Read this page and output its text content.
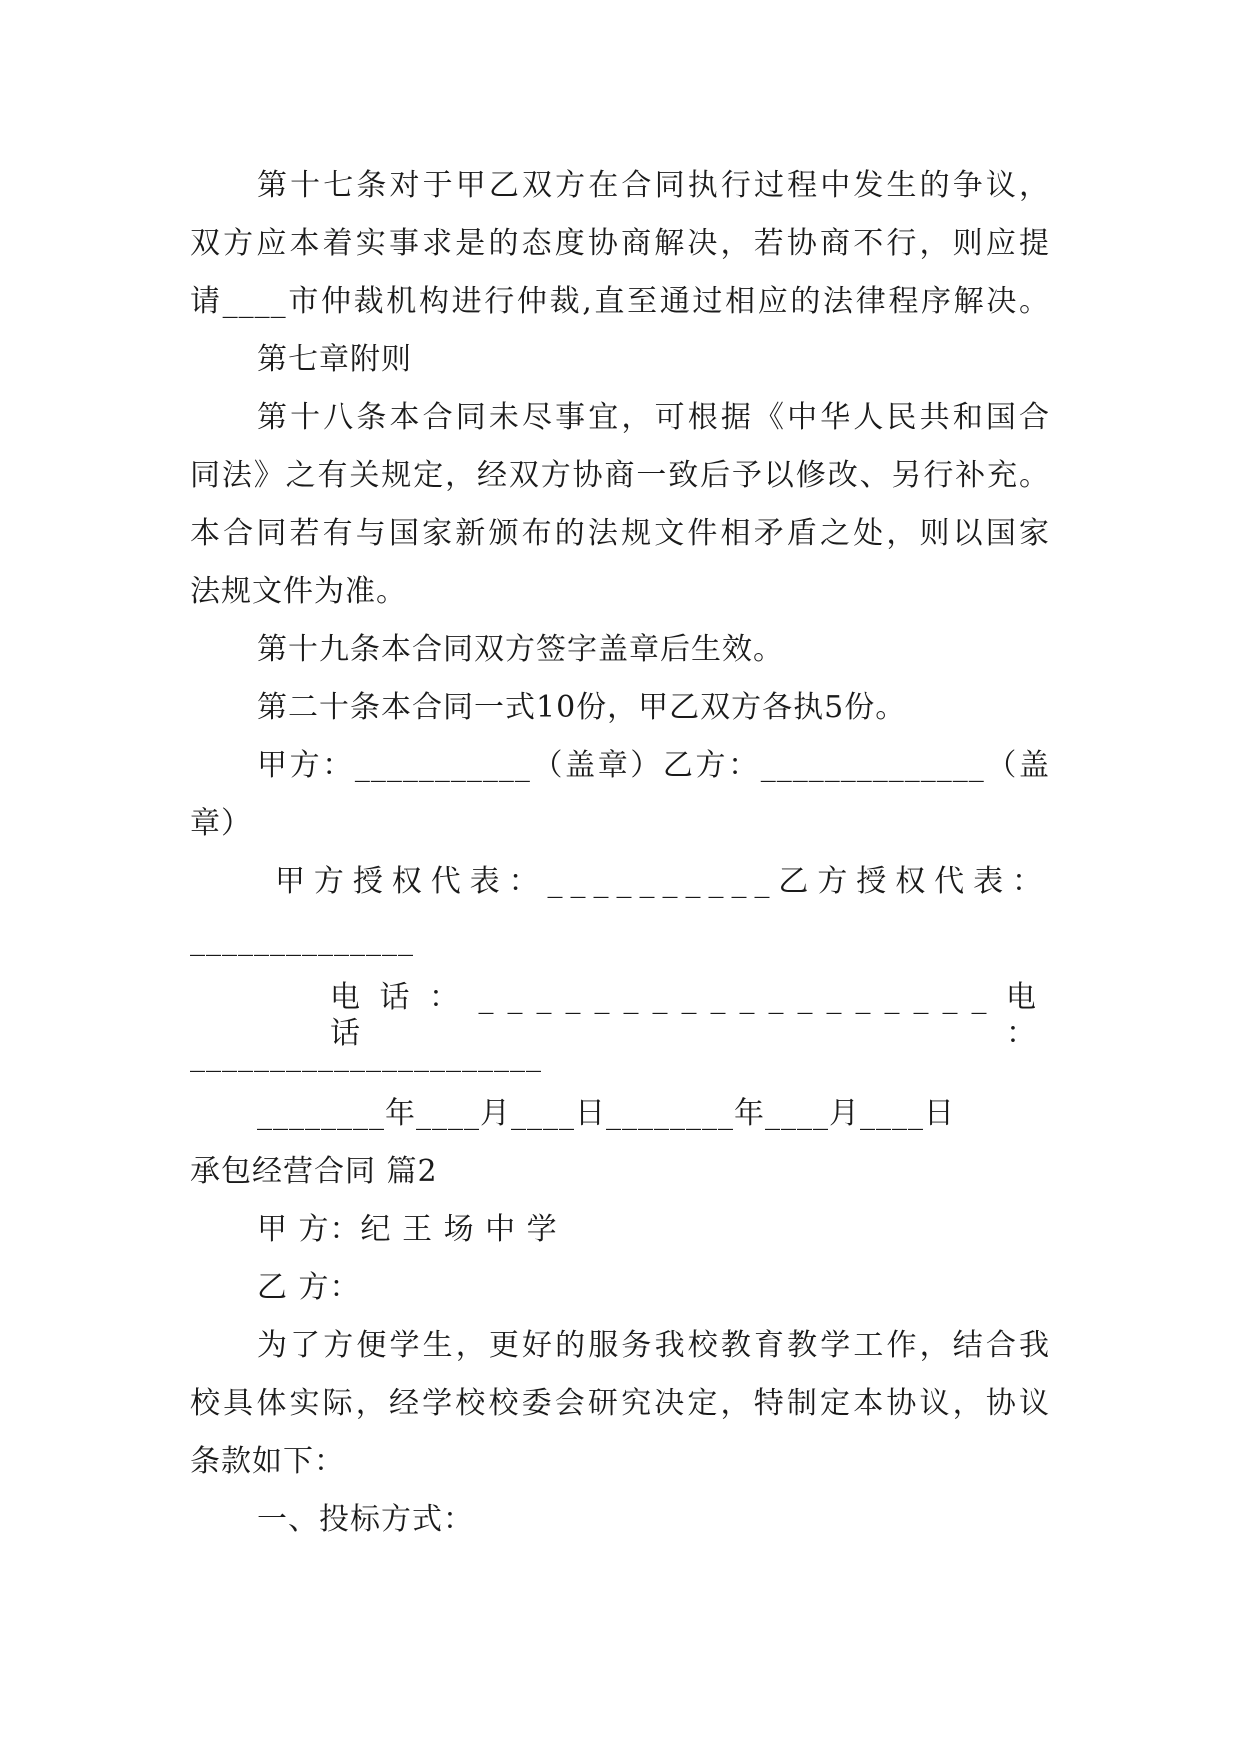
第十七条对于甲乙双方在合同执行过程中发生的争议，
双方应本着实事求是的态度协商解决，若协商不行，则应提
请____市仲裁机构进行仲裁,直至通过相应的法律程序解决。
第七章附则
第十八条本合同未尽事宜，可根据《中华人民共和国合
同法》之有关规定，经双方协商一致后予以修改、另行补充。
本合同若有与国家新颁布的法规文件相矛盾之处，则以国家
法规文件为准。
第十九条本合同双方签字盖章后生效。
第二十条本合同一式10份，甲乙双方各执5份。
甲方：___________（盖章）乙方：______________（盖
章）
甲方授权代表：__________乙方授权代表：
______________
电话：__________________电话：
______________________
________年____月____日________年____月____日
承包经营合同 篇2
甲 方：纪 王 场 中 学
乙 方：
为了方便学生，更好的服务我校教育教学工作，结合我
校具体实际，经学校校委会研究决定，特制定本协议，协议
条款如下：
一、投标方式：
